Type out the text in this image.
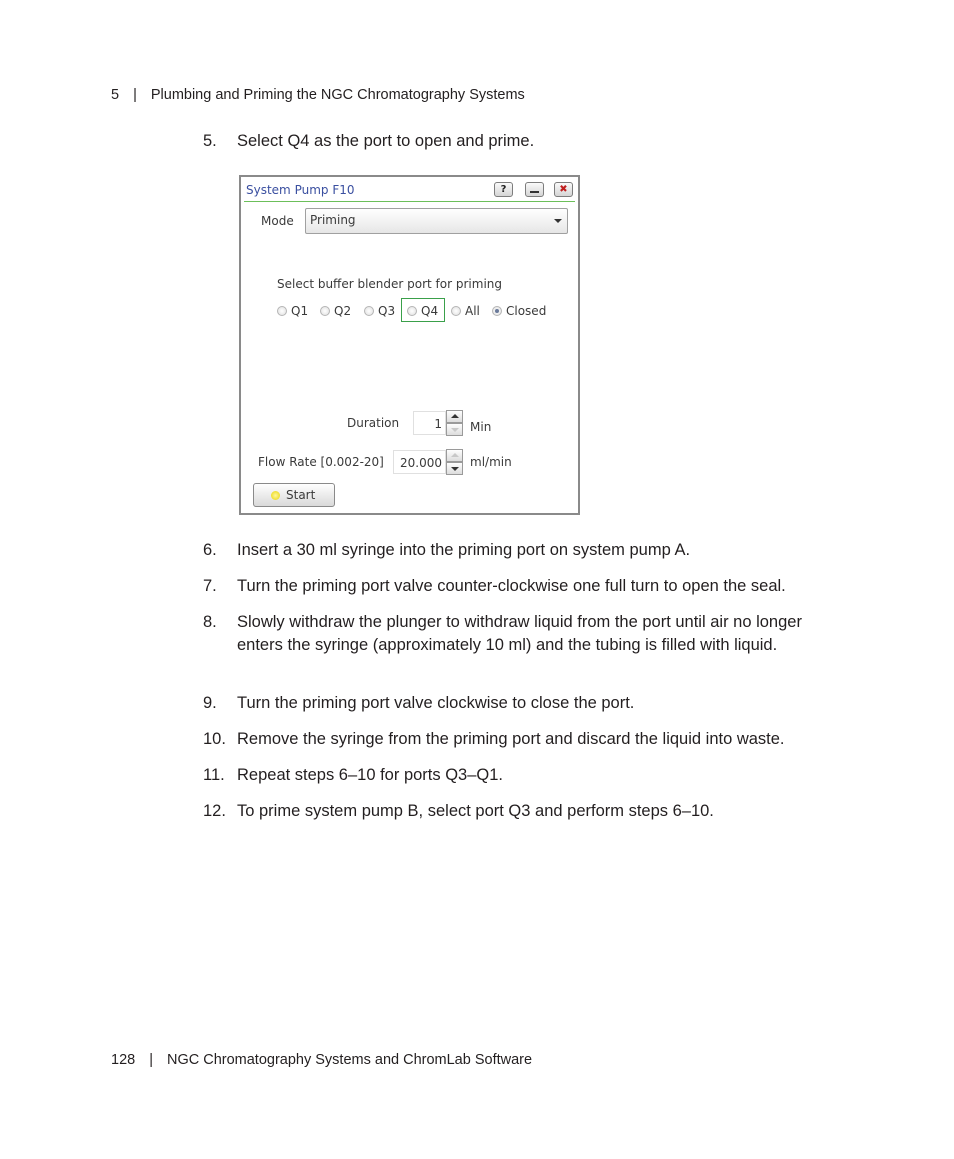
5 | Plumbing and Priming the NGC Chromatography Systems
5. Select Q4 as the port to open and prime.
System Pump F10	?	✖
Mode	Priming
Select buffer blender port for priming
Q1 Q2 Q3 Q4 All Closed
Duration	1	Min
Flow Rate [0.002-20]	20.000	ml/min
Start
6. Insert a 30 ml syringe into the priming port on system pump A.
7. Turn the priming port valve counter-clockwise one full turn to open the seal.
8. Slowly withdraw the plunger to withdraw liquid from the port until air no longer enters the syringe (approximately 10 ml) and the tubing is filled with liquid.
9. Turn the priming port valve clockwise to close the port.
10. Remove the syringe from the priming port and discard the liquid into waste.
11. Repeat steps 6–10 for ports Q3–Q1.
12. To prime system pump B, select port Q3 and perform steps 6–10.
128 | NGC Chromatography Systems and ChromLab Software
